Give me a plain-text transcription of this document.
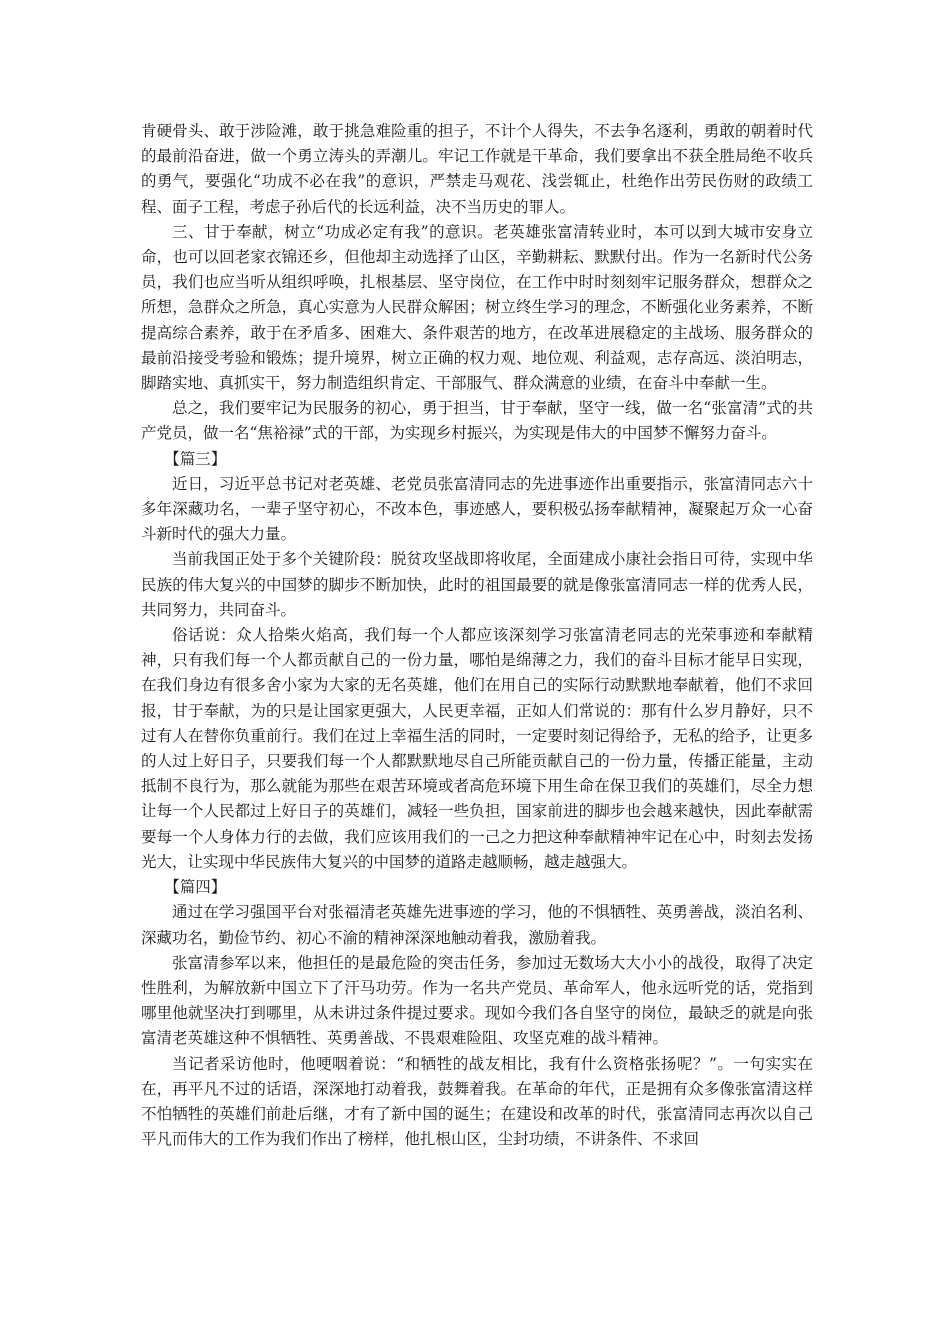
肯硬骨头、敢于涉险滩，敢于挑急难险重的担子，不计个人得失，不去争名逐利，勇敢的朝着时代的最前沿奋进，做一个勇立涛头的弄潮儿。牢记工作就是干革命，我们要拿出不获全胜局绝不收兵的勇气，要强化“功成不必在我”的意识，严禁走马观花、浅尝辄止，杜绝作出劳民伤财的政绩工程、面子工程，考虑子孙后代的长远利益，决不当历史的罪人。

三、甘于奉献，树立“功成必定有我”的意识。老英雄张富清转业时，本可以到大城市安身立命，也可以回老家衣锦还乡，但他却主动选择了山区，辛勤耕耘、默默付出。作为一名新时代公务员，我们也应当听从组织呼唤，扎根基层、坚守岗位，在工作中时时刻刻牢记服务群众，想群众之所想，急群众之所急，真心实意为人民群众解困；树立终生学习的理念，不断强化业务素养，不断提高综合素养，敢于在矛盾多、困难大、条件艰苦的地方，在改革进展稳定的主战场、服务群众的最前沿接受考验和锻炼；提升境界，树立正确的权力观、地位观、利益观，志存高远、淡泊明志，脚踏实地、真抓实干，努力制造组织肯定、干部服气、群众满意的业绩，在奋斗中奉献一生。

总之，我们要牢记为民服务的初心，勇于担当，甘于奉献，坚守一线，做一名“张富清”式的共产党员，做一名“焦裕禄”式的干部，为实现乡村振兴，为实现是伟大的中国梦不懈努力奋斗。

【篇三】

近日，习近平总书记对老英雄、老党员张富清同志的先进事迹作出重要指示，张富清同志六十多年深藏功名，一辈子坚守初心，不改本色，事迹感人，要积极弘扬奉献精神，凝聚起万众一心奋斗新时代的强大力量。

当前我国正处于多个关键阶段：脱贫攻坚战即将收尾，全面建成小康社会指日可待，实现中华民族的伟大复兴的中国梦的脚步不断加快，此时的祖国最要的就是像张富清同志一样的优秀人民，共同努力，共同奋斗。

俗话说：众人拾柴火焰高，我们每一个人都应该深刻学习张富清老同志的光荣事迹和奉献精神，只有我们每一个人都贡献自己的一份力量，哪怕是绵薄之力，我们的奋斗目标才能早日实现，在我们身边有很多舍小家为大家的无名英雄，他们在用自己的实际行动默默地奉献着，他们不求回报，甘于奉献，为的只是让国家更强大，人民更幸福，正如人们常说的：那有什么岁月静好，只不过有人在替你负重前行。我们在过上幸福生活的同时，一定要时刻记得给予，无私的给予，让更多的人过上好日子，只要我们每一个人都默默地尽自己所能贡献自己的一份力量，传播正能量，主动抵制不良行为，那么就能为那些在艰苦环境或者高危环境下用生命在保卫我们的英雄们，尽全力想让每一个人民都过上好日子的英雄们，减轻一些负担，国家前进的脚步也会越来越快，因此奉献需要每一个人身体力行的去做，我们应该用我们的一己之力把这种奉献精神牢记在心中，时刻去发扬光大，让实现中华民族伟大复兴的中国梦的道路走越顺畅，越走越强大。

【篇四】

通过在学习强国平台对张福清老英雄先进事迹的学习，他的不惧牺牲、英勇善战，淡泊名利、深藏功名，勤俭节约、初心不渝的精神深深地触动着我，激励着我。

张富清参军以来，他担任的是最危险的突击任务，参加过无数场大大小小的战役，取得了决定性胜利，为解放新中国立下了汗马功劳。作为一名共产党员、革命军人，他永远听党的话，党指到哪里他就坚决打到哪里，从未讲过条件提过要求。现如今我们各自坚守的岗位，最缺乏的就是向张富清老英雄这种不惧牺牲、英勇善战、不畏艰难险阻、攻坚克难的战斗精神。

当记者采访他时，他哽咽着说：“和牺牲的战友相比，我有什么资格张扬呢？”。一句实实在在，再平凡不过的话语，深深地打动着我，鼓舞着我。在革命的年代，正是拥有众多像张富清这样不怕牺牲的英雄们前赴后继，才有了新中国的诞生；在建设和改革的时代，张富清同志再次以自己平凡而伟大的工作为我们作出了榜样，他扎根山区，尘封功绩，不讲条件、不求回
